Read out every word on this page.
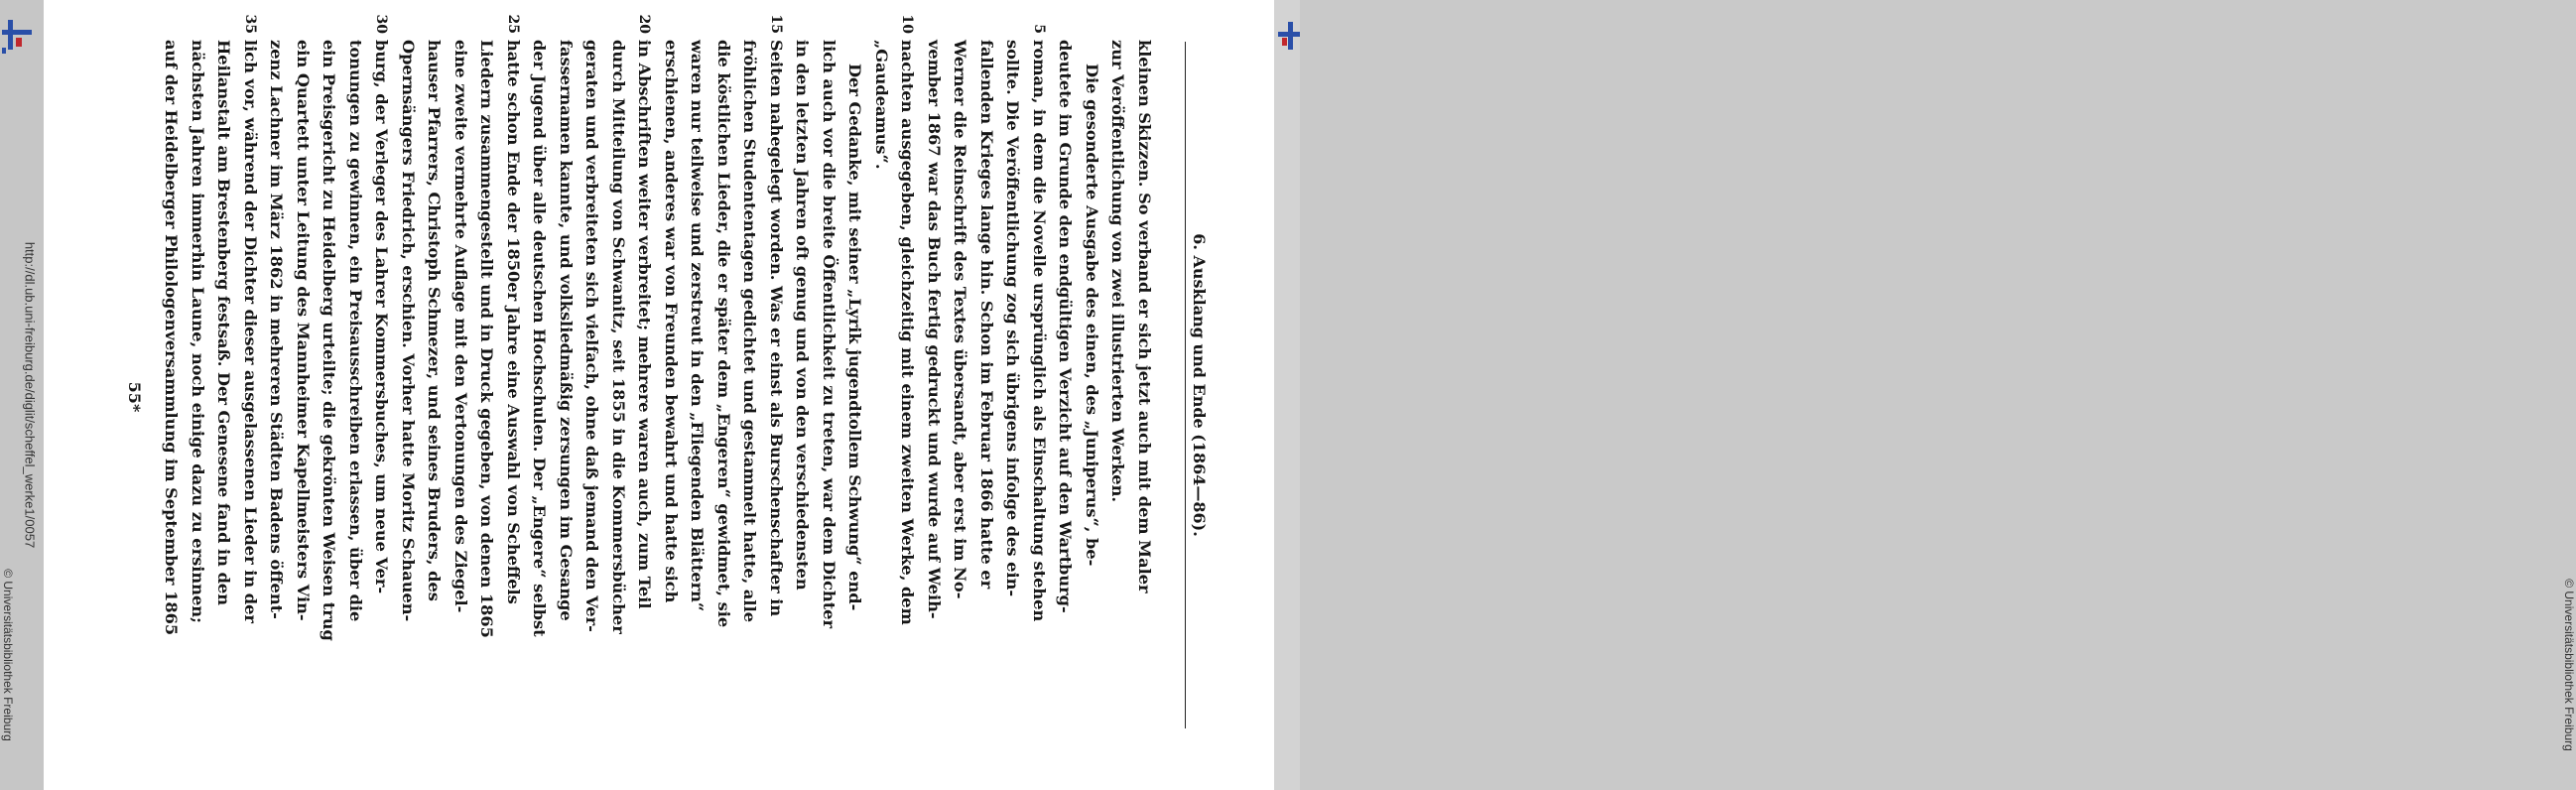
http://dl.ub.uni-freiburg.de/diglit/scheffel_werke1/0057
© Universitätsbibliothek Freiburg
6. Ausklang und Ende (1864—86).
kleinen Skizzen. So verband er sich jetzt auch mit dem Maler
zur Veröffentlichung von zwei illustrierten Werken.
Die gesonderte Ausgabe des einen, des „Juniperus“, be-
deutete im Grunde den endgültigen Verzicht auf den Wartburg-
roman, in dem die Novelle ursprünglich als Einschaltung stehen
5
sollte. Die Veröffentlichung zog sich übrigens infolge des ein-
fallenden Krieges lange hin. Schon im Februar 1866 hatte er
Werner die Reinschrift des Textes übersandt, aber erst im No-
vember 1867 war das Buch fertig gedruckt und wurde auf Weih-
nachten ausgegeben, gleichzeitig mit einem zweiten Werke, dem
10
„Gaudeamus“.
Der Gedanke, mit seiner „Lyrik jugendtollem Schwung“ end-
lich auch vor die breite Öffentlichkeit zu treten, war dem Dichter
in den letzten Jahren oft genug und von den verschiedensten
Seiten nahegelegt worden. Was er einst als Burschenschafter in
15
fröhlichen Studententagen gedichtet und gestammelt hatte, alle
die köstlichen Lieder, die er später dem „Engeren“ gewidmet, sie
waren nur teilweise und zerstreut in den „Fliegenden Blättern“
erschienen, anderes war von Freunden bewahrt und hatte sich
in Abschriften weiter verbreitet; mehrere waren auch, zum Teil
20
durch Mitteilung von Schwanitz, seit 1855 in die Kommersbücher
geraten und verbreiteten sich vielfach, ohne daß jemand den Ver-
fassernamen kannte, und volksliedmäßig zersungen im Gesange
der Jugend über alle deutschen Hochschulen. Der „Engere“ selbst
hatte schon Ende der 1850er Jahre eine Auswahl von Scheffels
25
Liedern zusammengestellt und in Druck gegeben, von denen 1865
eine zweite vermehrte Auflage mit den Vertonungen des Ziegel-
hauser Pfarrers, Christoph Schmezer, und seines Bruders, des
Opernsängers Friedrich, erschien. Vorher hatte Moritz Schauen-
burg, der Verleger des Lahrer Kommersbuches, um neue Ver-
30
tonungen zu gewinnen, ein Preisausschreiben erlassen, über die
ein Preisgericht zu Heidelberg urteilte; die gekrönten Weisen trug
ein Quartett unter Leitung des Mannheimer Kapellmeisters Vin-
zenz Lachner im März 1862 in mehreren Städten Badens öffent-
lich vor, während der Dichter dieser ausgelassenen Lieder in der
35
Heilanstalt am Brestenberg festsaß. Der Genesene fand in den
nächsten Jahren immerhin Laune, noch einige dazu zu ersinnen;
auf der Heidelberger Philologenversammlung im September 1865
55*
© Universitätsbibliothek Freiburg
